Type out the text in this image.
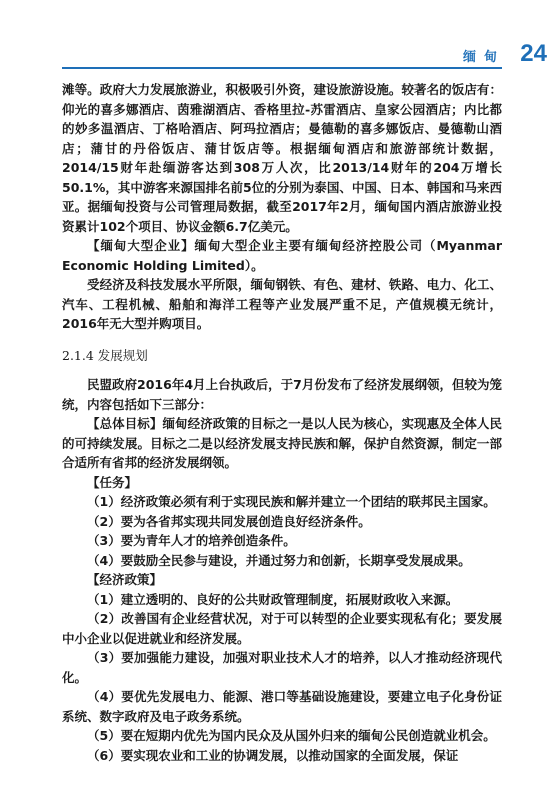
缅甸 24

滩等。政府大力发展旅游业，积极吸引外资，建设旅游设施。较著名的饭店有：仰光的喜多娜酒店、茵雅湖酒店、香格里拉-苏雷酒店、皇家公园酒店；内比都的妙多温酒店、丁格哈酒店、阿玛拉酒店；曼德勒的喜多娜饭店、曼德勒山酒店；蒲甘的丹俗饭店、蒲甘饭店等。根据缅甸酒店和旅游部统计数据，2014/15财年赴缅游客达到308万人次，比2013/14财年的204万增长50.1%，其中游客来源国排名前5位的分别为泰国、中国、日本、韩国和马来西亚。据缅甸投资与公司管理局数据，截至2017年2月，缅甸国内酒店旅游业投资累计102个项目、协议金额6.7亿美元。

【缅甸大型企业】缅甸大型企业主要有缅甸经济控股公司（Myanmar Economic Holding Limited）。

受经济及科技发展水平所限，缅甸钢铁、有色、建材、铁路、电力、化工、汽车、工程机械、船舶和海洋工程等产业发展严重不足，产值规模无统计，2016年无大型并购项目。

2.1.4 发展规划

民盟政府2016年4月上台执政后，于7月份发布了经济发展纲领，但较为笼统，内容包括如下三部分：

【总体目标】缅甸经济政策的目标之一是以人民为核心，实现惠及全体人民的可持续发展。目标之二是以经济发展支持民族和解，保护自然资源，制定一部合适所有省邦的经济发展纲领。

【任务】

（1）经济政策必须有利于实现民族和解并建立一个团结的联邦民主国家。

（2）要为各省邦实现共同发展创造良好经济条件。

（3）要为青年人才的培养创造条件。

（4）要鼓励全民参与建设，并通过努力和创新，长期享受发展成果。

【经济政策】

（1）建立透明的、良好的公共财政管理制度，拓展财政收入来源。

（2）改善国有企业经营状况，对于可以转型的企业要实现私有化；要发展中小企业以促进就业和经济发展。

（3）要加强能力建设，加强对职业技术人才的培养，以人才推动经济现代化。

（4）要优先发展电力、能源、港口等基础设施建设，要建立电子化身份证系统、数字政府及电子政务系统。

（5）要在短期内优先为国内民众及从国外归来的缅甸公民创造就业机会。

（6）要实现农业和工业的协调发展，以推动国家的全面发展，保证
